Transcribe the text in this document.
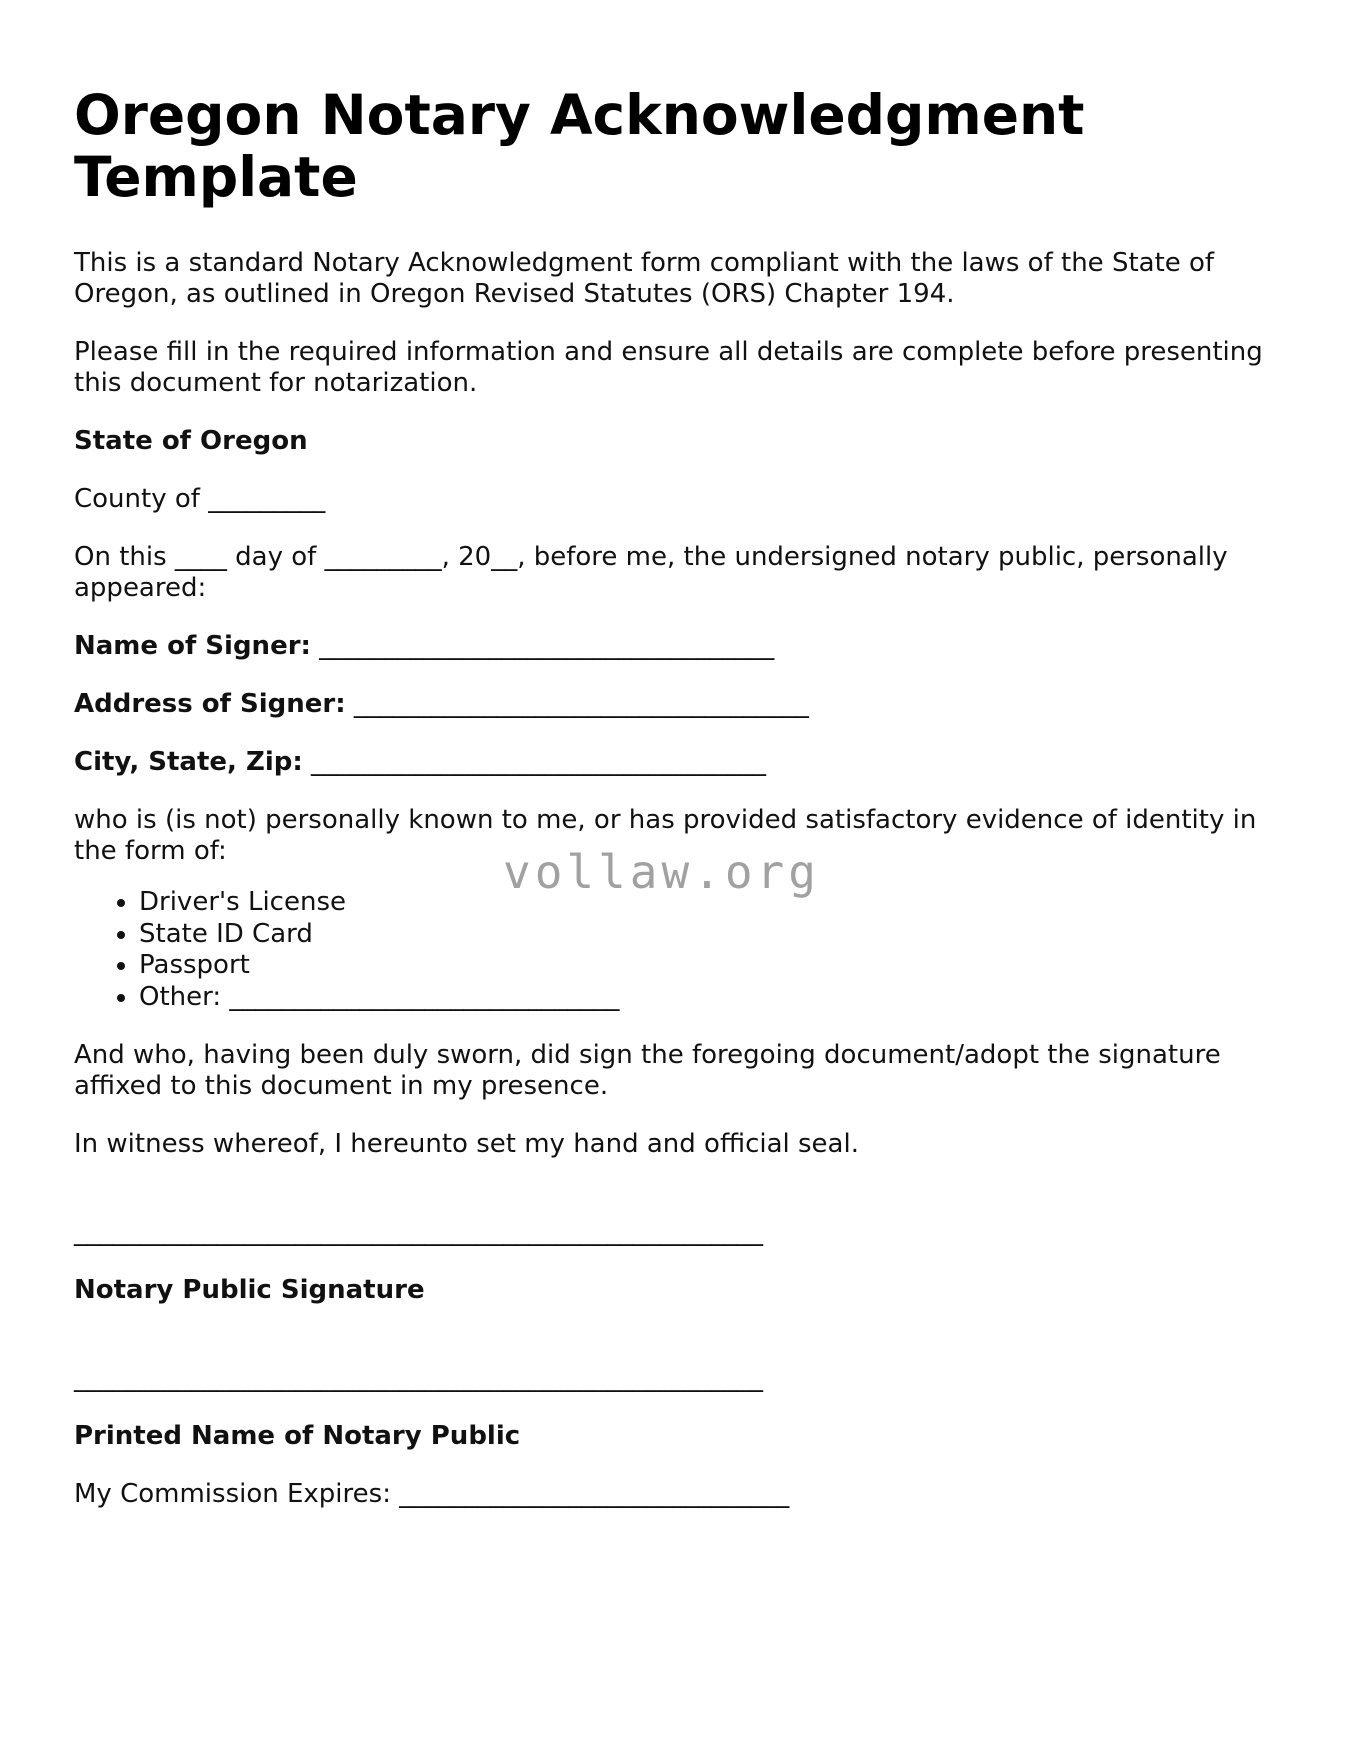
Oregon Notary Acknowledgment Template

This is a standard Notary Acknowledgment form compliant with the laws of the State of Oregon, as outlined in Oregon Revised Statutes (ORS) Chapter 194.

Please fill in the required information and ensure all details are complete before presenting this document for notarization.

State of Oregon

County of _________

On this ____ day of _________, 20__, before me, the undersigned notary public, personally appeared:

Name of Signer: ___________________________________

Address of Signer: ___________________________________

City, State, Zip: ___________________________________

who is (is not) personally known to me, or has provided satisfactory evidence of identity in the form of:

• Driver's License
• State ID Card
• Passport
• Other: ______________________________

And who, having been duly sworn, did sign the foregoing document/adopt the signature affixed to this document in my presence.

In witness whereof, I hereunto set my hand and official seal.

_____________________________________________________

Notary Public Signature

_____________________________________________________

Printed Name of Notary Public

My Commission Expires: ______________________________

vollaw.org
